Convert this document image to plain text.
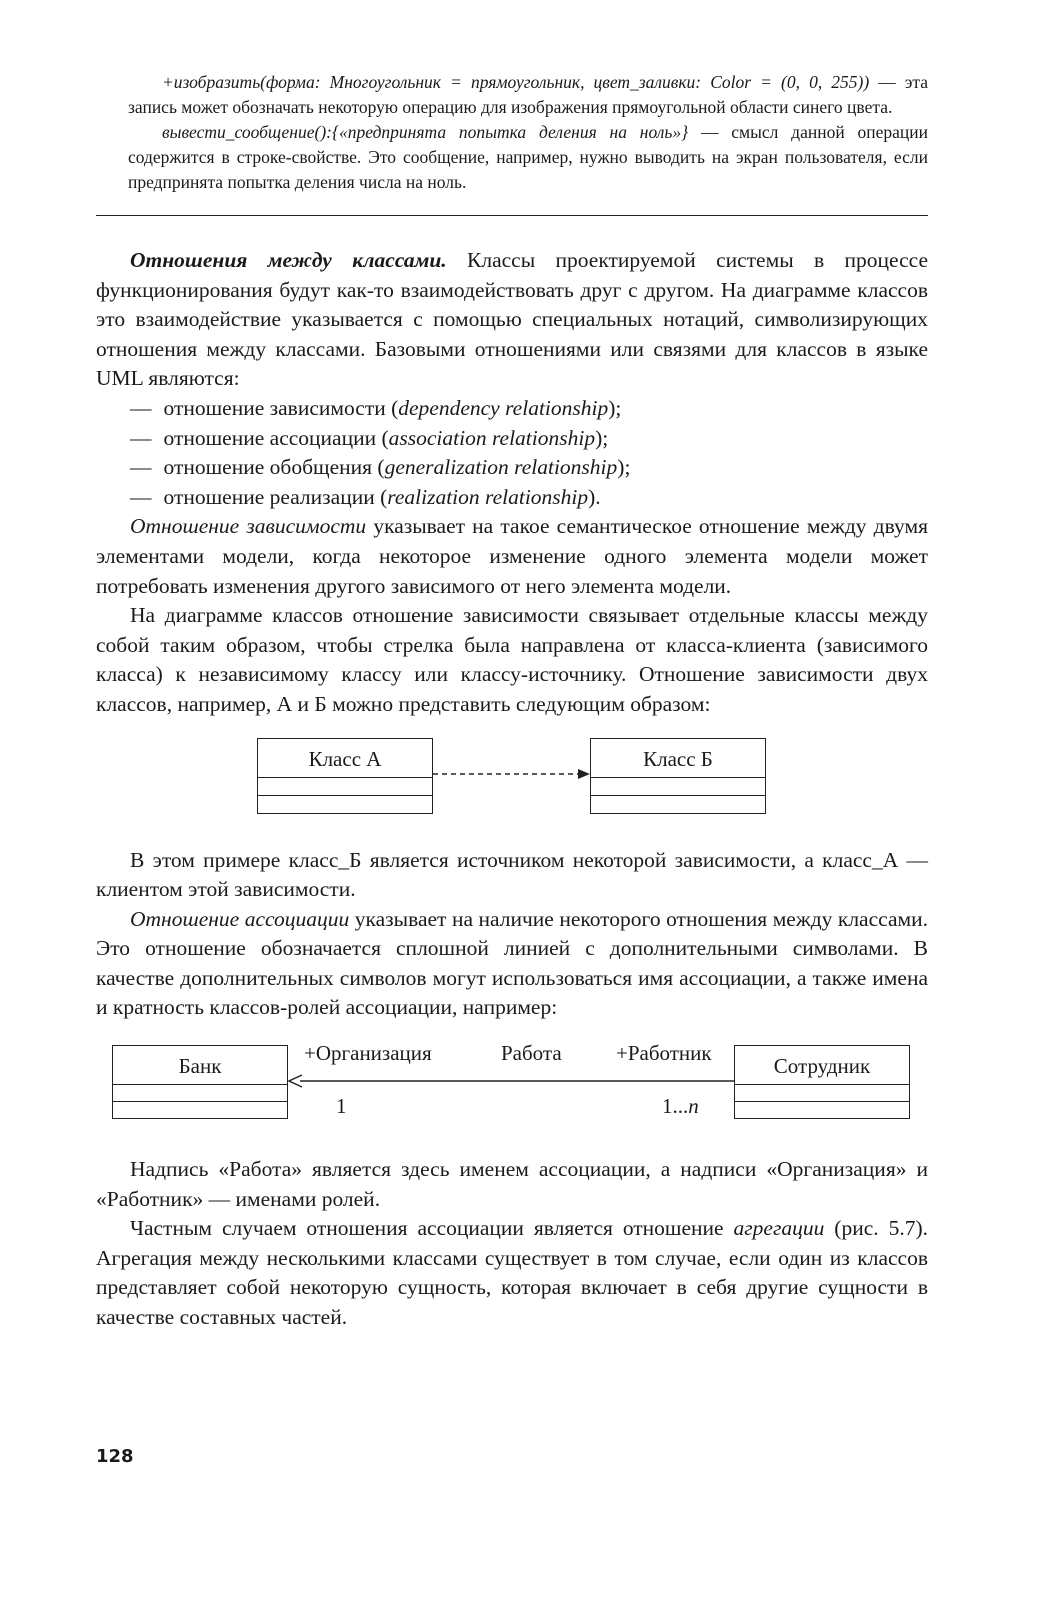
+изобразить(форма: Многоугольник = прямоугольник, цвет_заливки: Color = (0, 0, 255)) — эта запись может обозначать некоторую операцию для изображения прямоугольной области синего цвета.

вывести_сообщение():{«предпринята попытка деления на ноль»} — смысл данной операции содержится в строке-свойстве. Это сообщение, например, нужно выводить на экран пользователя, если предпринята попытка деления числа на ноль.

Отношения между классами. Классы проектируемой системы в процессе функционирования будут как-то взаимодействовать друг с другом. На диаграмме классов это взаимодействие указывается с помощью специальных нотаций, символизирующих отношения между классами. Базовыми отношениями или связями для классов в языке UML являются:

— отношение зависимости (dependency relationship);
— отношение ассоциации (association relationship);
— отношение обобщения (generalization relationship);
— отношение реализации (realization relationship).

Отношение зависимости указывает на такое семантическое отношение между двумя элементами модели, когда некоторое изменение одного элемента модели может потребовать изменения другого зависимого от него элемента модели.

На диаграмме классов отношение зависимости связывает отдельные классы между собой таким образом, чтобы стрелка была направлена от класса-клиента (зависимого класса) к независимому классу или классу-источнику. Отношение зависимости двух классов, например, А и Б можно представить следующим образом:

Класс А	Класс Б

В этом примере класс_Б является источником некоторой зависимости, а класс_А — клиентом этой зависимости.

Отношение ассоциации указывает на наличие некоторого отношения между классами. Это отношение обозначается сплошной линией с дополнительными символами. В качестве дополнительных символов могут использоваться имя ассоциации, а также имена и кратность классов-ролей ассоциации, например:

Банк	Сотрудник
+Организация	Работа	+Работник
1	1...n

Надпись «Работа» является здесь именем ассоциации, а надписи «Организация» и «Работник» — именами ролей.

Частным случаем отношения ассоциации является отношение агрегации (рис. 5.7). Агрегация между несколькими классами существует в том случае, если один из классов представляет собой некоторую сущность, которая включает в себя другие сущности в качестве составных частей.

128
